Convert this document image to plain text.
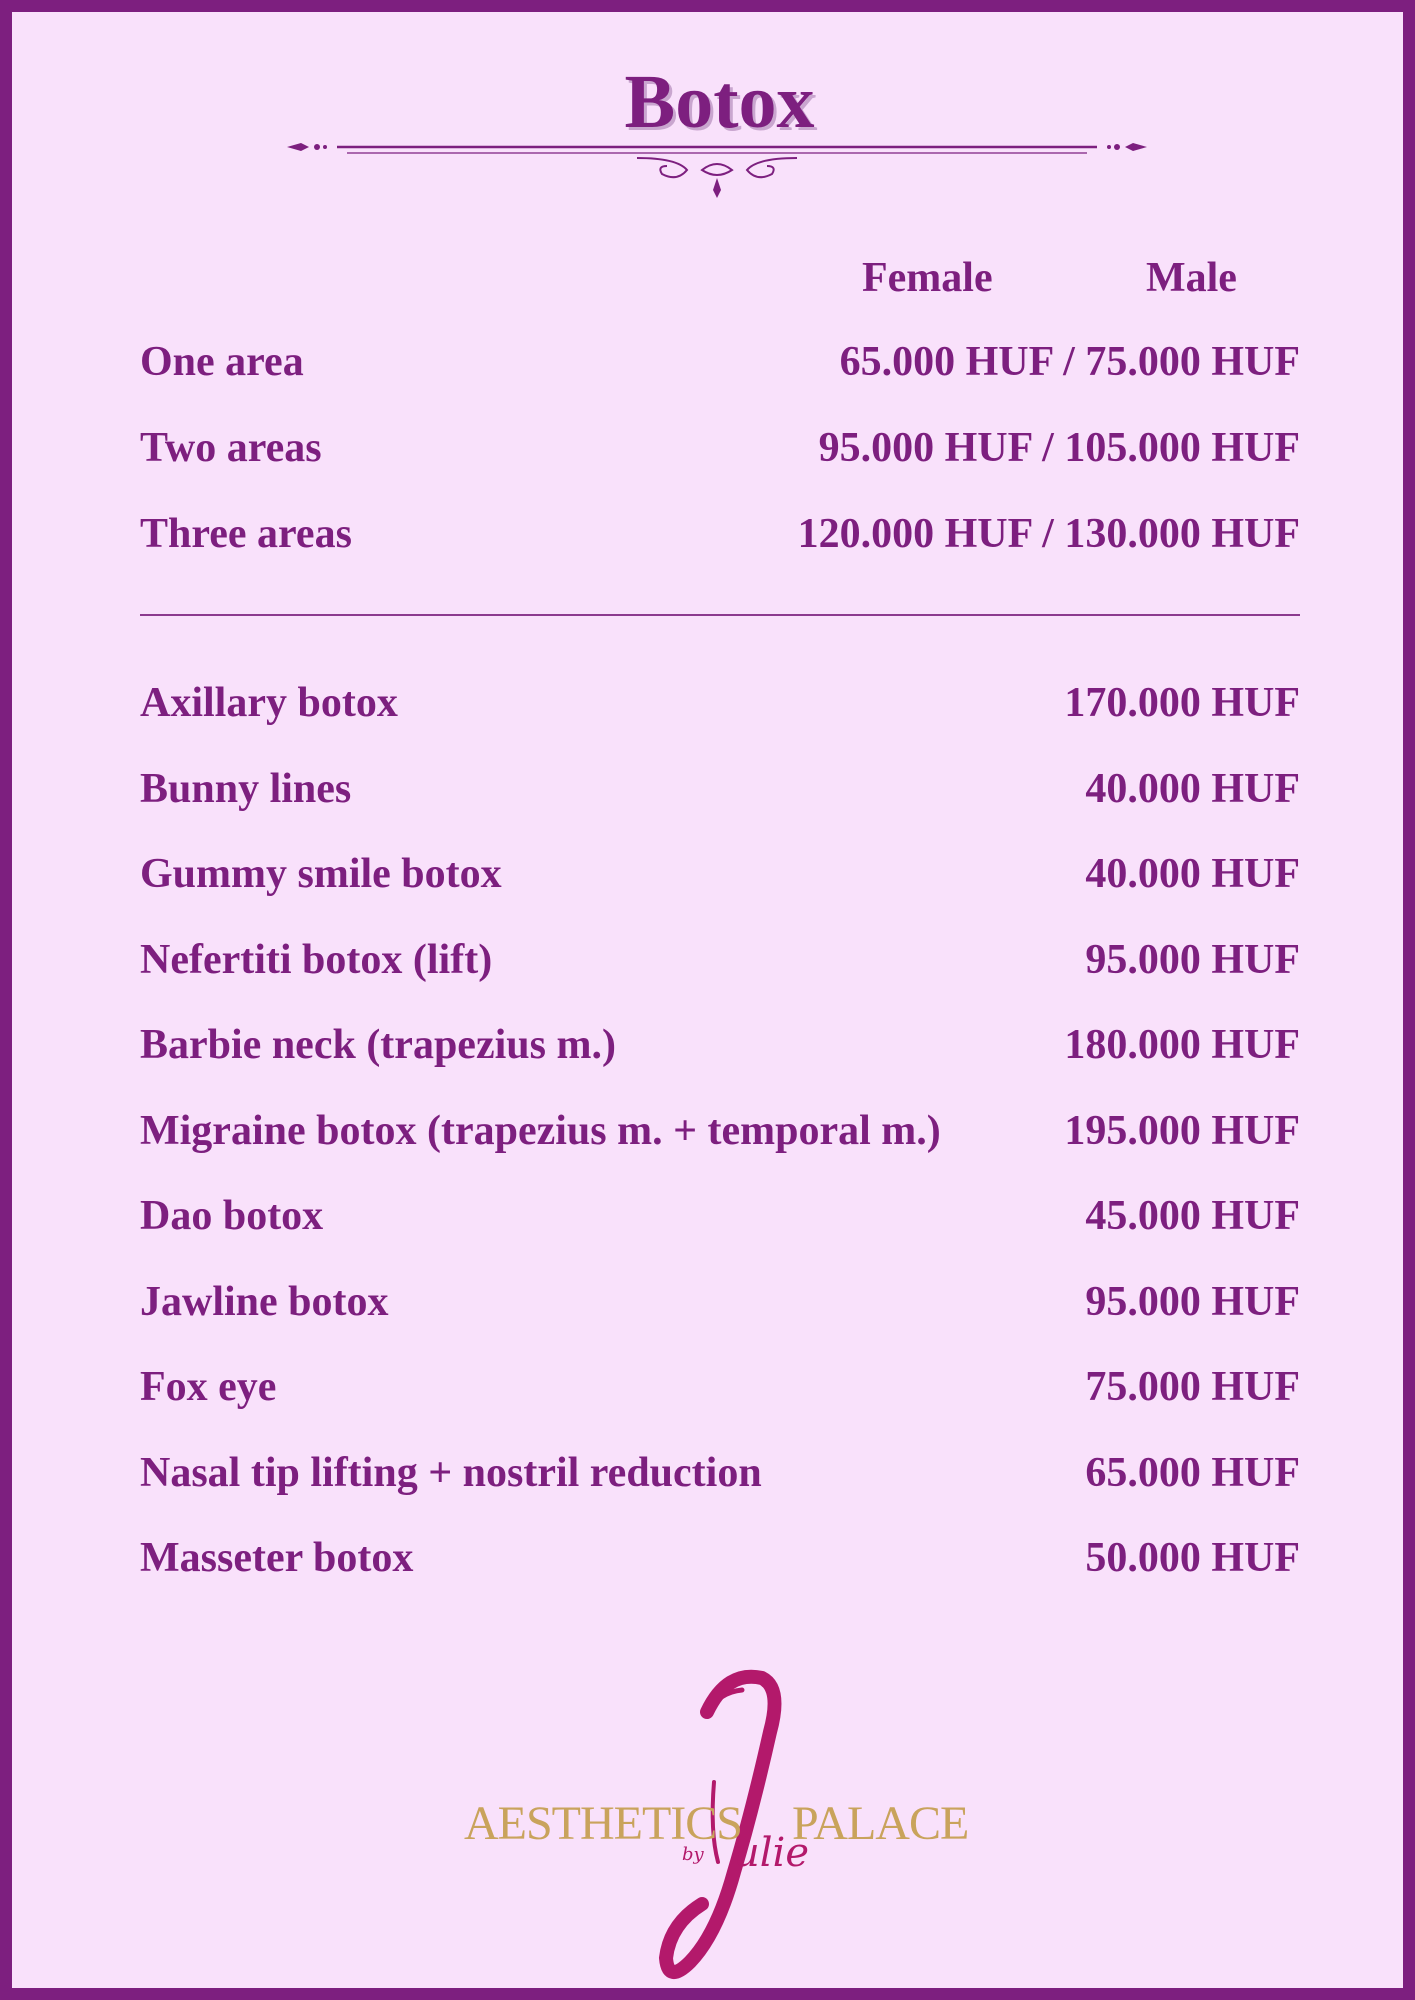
Botox
Female	Male
One area	65.000 HUF / 75.000 HUF
Two areas	95.000 HUF / 105.000 HUF
Three areas	120.000 HUF / 130.000 HUF
Axillary botox	170.000 HUF
Bunny lines	40.000 HUF
Gummy smile botox	40.000 HUF
Nefertiti botox (lift)	95.000 HUF
Barbie neck (trapezius m.)	180.000 HUF
Migraine botox (trapezius m. + temporal m.)	195.000 HUF
Dao botox	45.000 HUF
Jawline botox	95.000 HUF
Fox eye	75.000 HUF
Nasal tip lifting + nostril reduction	65.000 HUF
Masseter botox	50.000 HUF
AESTHETICS PALACE
by ulie
